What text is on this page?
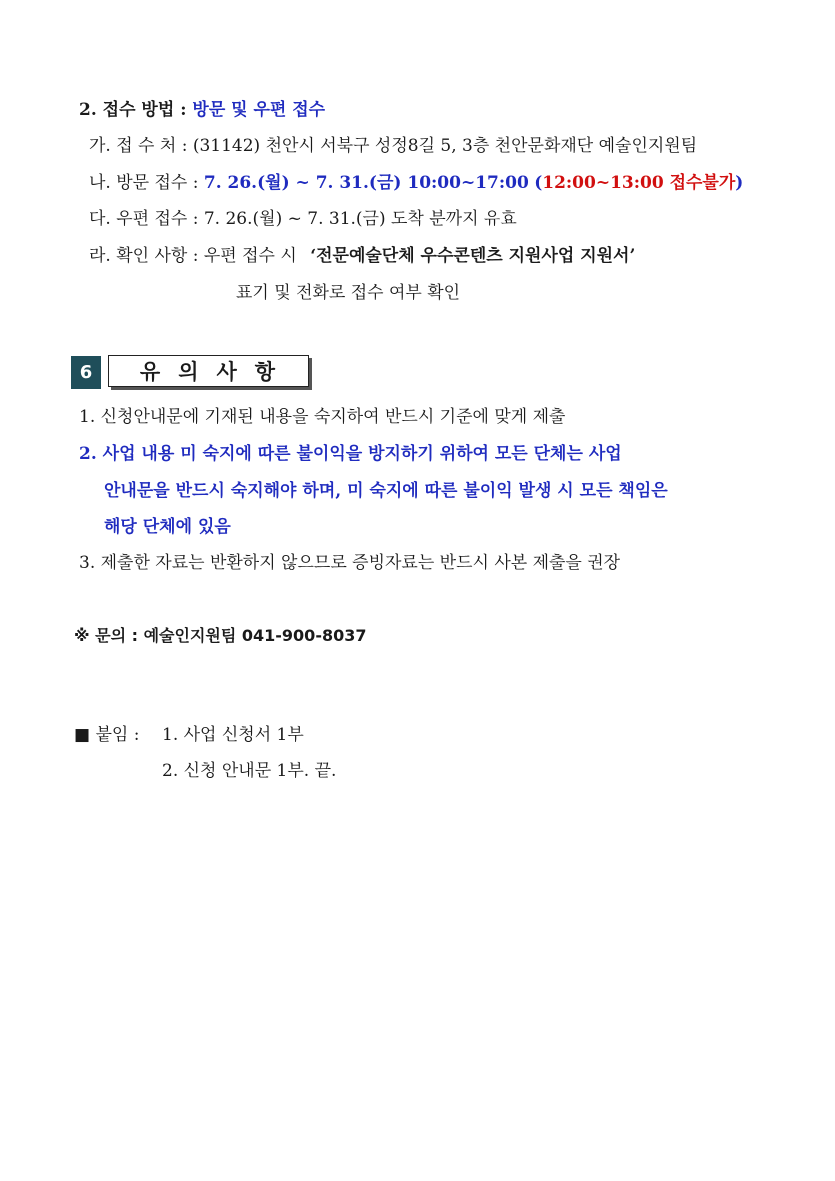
2. 접수 방법 : 방문 및 우편 접수
가. 접 수 처 : (31142) 천안시 서북구 성정8길 5, 3층 천안문화재단 예술인지원팀
나. 방문 접수 : 7. 26.(월) ~ 7. 31.(금) 10:00~17:00 (12:00~13:00 접수불가)
다. 우편 접수 : 7. 26.(월) ~ 7. 31.(금) 도착 분까지 유효
라. 확인 사항 : 우편 접수 시 ‘전문예술단체 우수콘텐츠 지원사업 지원서’
표기 및 전화로 접수 여부 확인
6	유의사항
1. 신청안내문에 기재된 내용을 숙지하여 반드시 기준에 맞게 제출
2. 사업 내용 미 숙지에 따른 불이익을 방지하기 위하여 모든 단체는 사업
안내문을 반드시 숙지해야 하며, 미 숙지에 따른 불이익 발생 시 모든 책임은
해당 단체에 있음
3. 제출한 자료는 반환하지 않으므로 증빙자료는 반드시 사본 제출을 권장
※ 문의 : 예술인지원팀 041-900-8037
■ 붙임 : 1. 사업 신청서 1부
2. 신청 안내문 1부. 끝.
